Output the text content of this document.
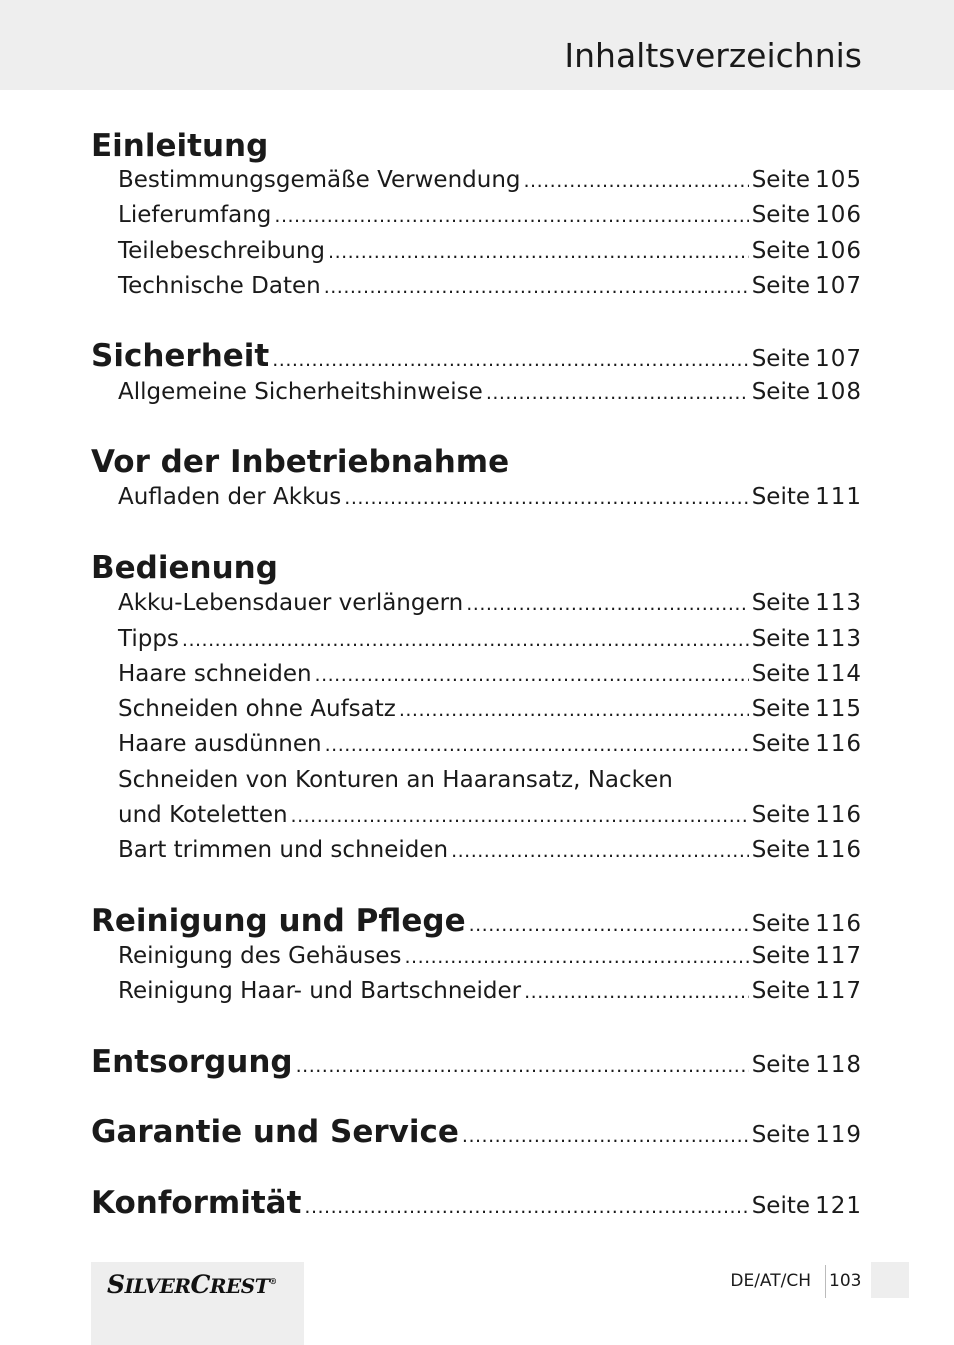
Inhaltsverzeichnis
Einleitung
Bestimmungsgemäße Verwendung .....	Seite 105
Lieferumfang .....	Seite 106
Teilebeschreibung .....	Seite 106
Technische Daten .....	Seite 107
Sicherheit .....	Seite 107
Allgemeine Sicherheitshinweise .....	Seite 108
Vor der Inbetriebnahme
Aufladen der Akkus .....	Seite 111
Bedienung
Akku-Lebensdauer verlängern .....	Seite 113
Tipps .....	Seite 113
Haare schneiden .....	Seite 114
Schneiden ohne Aufsatz .....	Seite 115
Haare ausdünnen .....	Seite 116
Schneiden von Konturen an Haaransatz, Nacken
und Koteletten .....	Seite 116
Bart trimmen und schneiden .....	Seite 116
Reinigung und Pflege .....	Seite 116
Reinigung des Gehäuses .....	Seite 117
Reinigung Haar- und Bartschneider .....	Seite 117
Entsorgung .....	Seite 118
Garantie und Service .....	Seite 119
Konformität .....	Seite 121
SILVERCREST®	DE/AT/CH 103
